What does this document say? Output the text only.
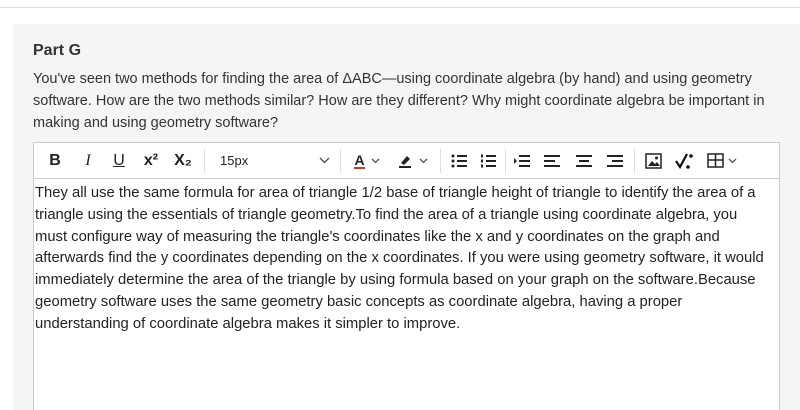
Part G
You've seen two methods for finding the area of ΔABC—using coordinate algebra (by hand) and using geometry software. How are the two methods similar? How are they different? Why might coordinate algebra be important in making and using geometry software?
B I U x² X₂ 15px	A

They all use the same formula for area of triangle 1/2 base of triangle height of triangle to identify the area of a triangle using the essentials of triangle geometry.To find the area of a triangle using coordinate algebra, you must configure way of measuring the triangle's coordinates like the x and y coordinates on the graph and afterwards find the y coordinates depending on the x coordinates. If you were using geometry software, it would immediately determine the area of the triangle by using formula based on your graph on the software.Because geometry software uses the same geometry basic concepts as coordinate algebra, having a proper understanding of coordinate algebra makes it simpler to improve.
